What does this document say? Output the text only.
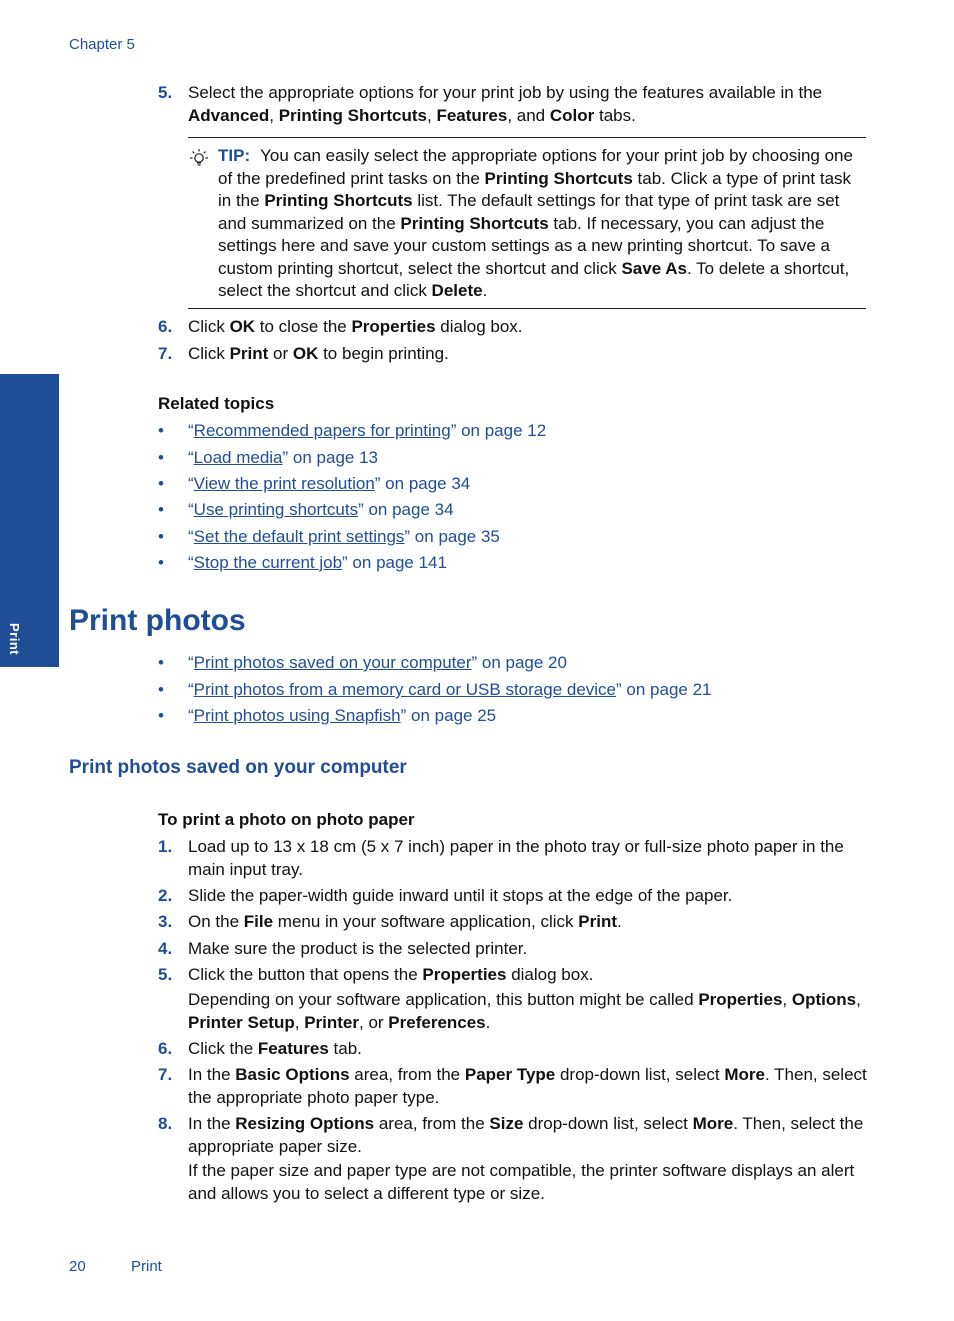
Chapter 5
Print
5. Select the appropriate options for your print job by using the features available in the Advanced, Printing Shortcuts, Features, and Color tabs.
TIP: You can easily select the appropriate options for your print job by choosing one of the predefined print tasks on the Printing Shortcuts tab. Click a type of print task in the Printing Shortcuts list. The default settings for that type of print task are set and summarized on the Printing Shortcuts tab. If necessary, you can adjust the settings here and save your custom settings as a new printing shortcut. To save a custom printing shortcut, select the shortcut and click Save As. To delete a shortcut, select the shortcut and click Delete.
6. Click OK to close the Properties dialog box.
7. Click Print or OK to begin printing.
Related topics
• “Recommended papers for printing” on page 12
• “Load media” on page 13
• “View the print resolution” on page 34
• “Use printing shortcuts” on page 34
• “Set the default print settings” on page 35
• “Stop the current job” on page 141
Print photos
• “Print photos saved on your computer” on page 20
• “Print photos from a memory card or USB storage device” on page 21
• “Print photos using Snapfish” on page 25
Print photos saved on your computer
To print a photo on photo paper
1. Load up to 13 x 18 cm (5 x 7 inch) paper in the photo tray or full-size photo paper in the main input tray.
2. Slide the paper-width guide inward until it stops at the edge of the paper.
3. On the File menu in your software application, click Print.
4. Make sure the product is the selected printer.
5. Click the button that opens the Properties dialog box.
Depending on your software application, this button might be called Properties, Options, Printer Setup, Printer, or Preferences.
6. Click the Features tab.
7. In the Basic Options area, from the Paper Type drop-down list, select More. Then, select the appropriate photo paper type.
8. In the Resizing Options area, from the Size drop-down list, select More. Then, select the appropriate paper size.
If the paper size and paper type are not compatible, the printer software displays an alert and allows you to select a different type or size.
20	Print
